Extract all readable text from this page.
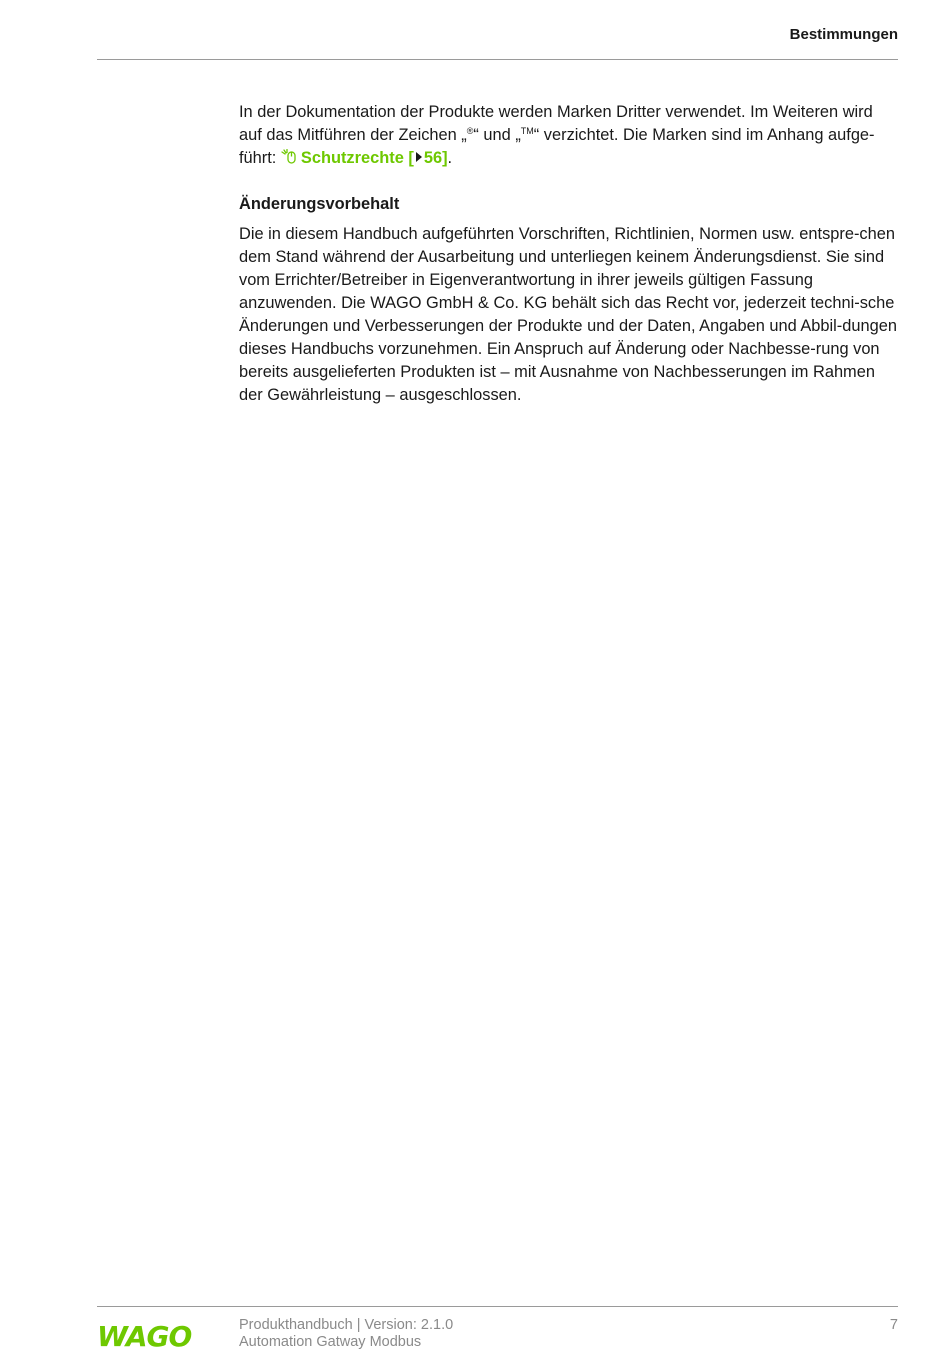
Bestimmungen

In der Dokumentation der Produkte werden Marken Dritter verwendet. Im Weiteren wird auf das Mitführen der Zeichen „®“ und „™“ verzichtet. Die Marken sind im Anhang aufge-führt: Schutzrechte [ 56].

Änderungsvorbehalt

Die in diesem Handbuch aufgeführten Vorschriften, Richtlinien, Normen usw. entspre-chen dem Stand während der Ausarbeitung und unterliegen keinem Änderungsdienst. Sie sind vom Errichter/Betreiber in Eigenverantwortung in ihrer jeweils gültigen Fassung anzuwenden. Die WAGO GmbH & Co. KG behält sich das Recht vor, jederzeit techni-sche Änderungen und Verbesserungen der Produkte und der Daten, Angaben und Abbil-dungen dieses Handbuchs vorzunehmen. Ein Anspruch auf Änderung oder Nachbesse-rung von bereits ausgelieferten Produkten ist – mit Ausnahme von Nachbesserungen im Rahmen der Gewährleistung – ausgeschlossen.

WAGO	Produkthandbuch | Version: 2.1.0
Automation Gatway Modbus
7
